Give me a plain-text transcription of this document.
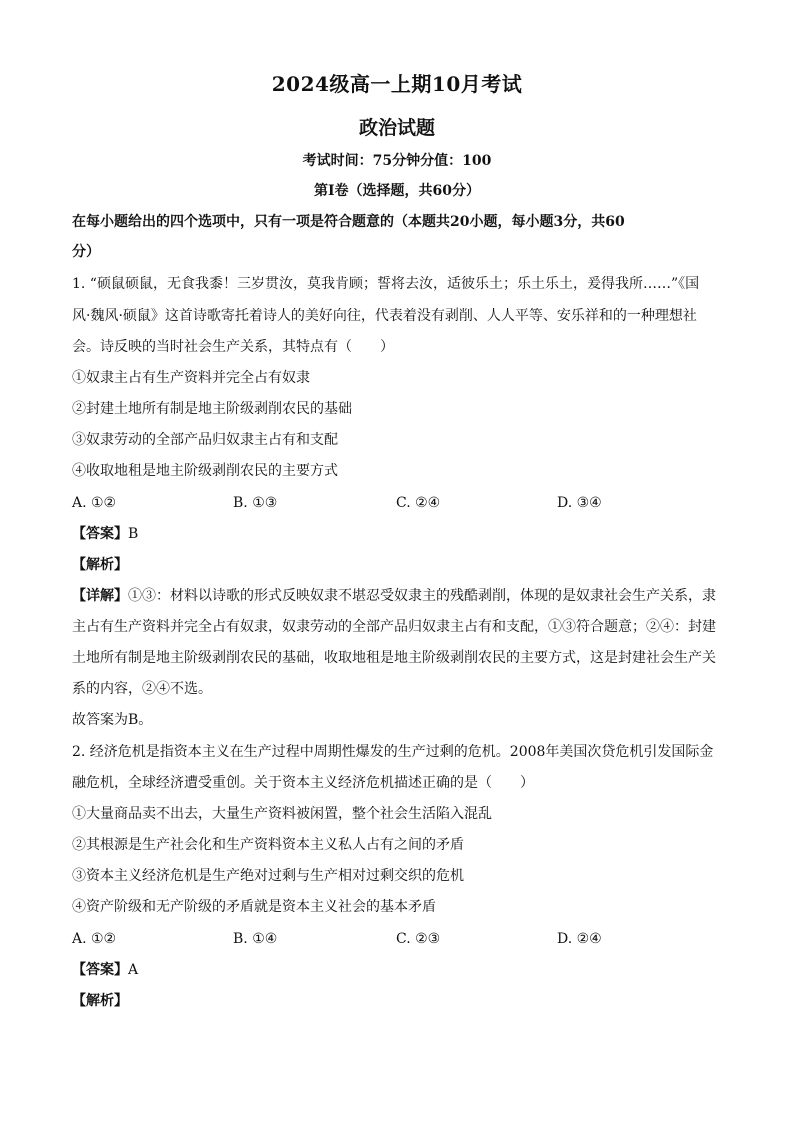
2024级高一上期10月考试
政治试题
考试时间：75分钟分值：100
第Ⅰ卷（选择题，共60分）
在每小题给出的四个选项中，只有一项是符合题意的（本题共20小题，每小题3分，共60
分）
1. “硕鼠硕鼠，无食我黍！三岁贯汝，莫我肯顾；誓将去汝，适彼乐土；乐土乐土，爰得我所……”《国
风·魏风·硕鼠》这首诗歌寄托着诗人的美好向往，代表着没有剥削、人人平等、安乐祥和的一种理想社
会。诗反映的当时社会生产关系，其特点有（　　）
①奴隶主占有生产资料并完全占有奴隶
②封建土地所有制是地主阶级剥削农民的基础
③奴隶劳动的全部产品归奴隶主占有和支配
④收取地租是地主阶级剥削农民的主要方式
A. ①②	B. ①③	C. ②④	D. ③④
【答案】B
【解析】
【详解】①③：材料以诗歌的形式反映奴隶不堪忍受奴隶主的残酷剥削，体现的是奴隶社会生产关系，隶
主占有生产资料并完全占有奴隶，奴隶劳动的全部产品归奴隶主占有和支配，①③符合题意；②④：封建
土地所有制是地主阶级剥削农民的基础，收取地租是地主阶级剥削农民的主要方式，这是封建社会生产关
系的内容，②④不选。
故答案为B。
2. 经济危机是指资本主义在生产过程中周期性爆发的生产过剩的危机。2008年美国次贷危机引发国际金
融危机，全球经济遭受重创。关于资本主义经济危机描述正确的是（　　）
①大量商品卖不出去，大量生产资料被闲置，整个社会生活陷入混乱
②其根源是生产社会化和生产资料资本主义私人占有之间的矛盾
③资本主义经济危机是生产绝对过剩与生产相对过剩交织的危机
④资产阶级和无产阶级的矛盾就是资本主义社会的基本矛盾
A. ①②	B. ①④	C. ②③	D. ②④
【答案】A
【解析】
